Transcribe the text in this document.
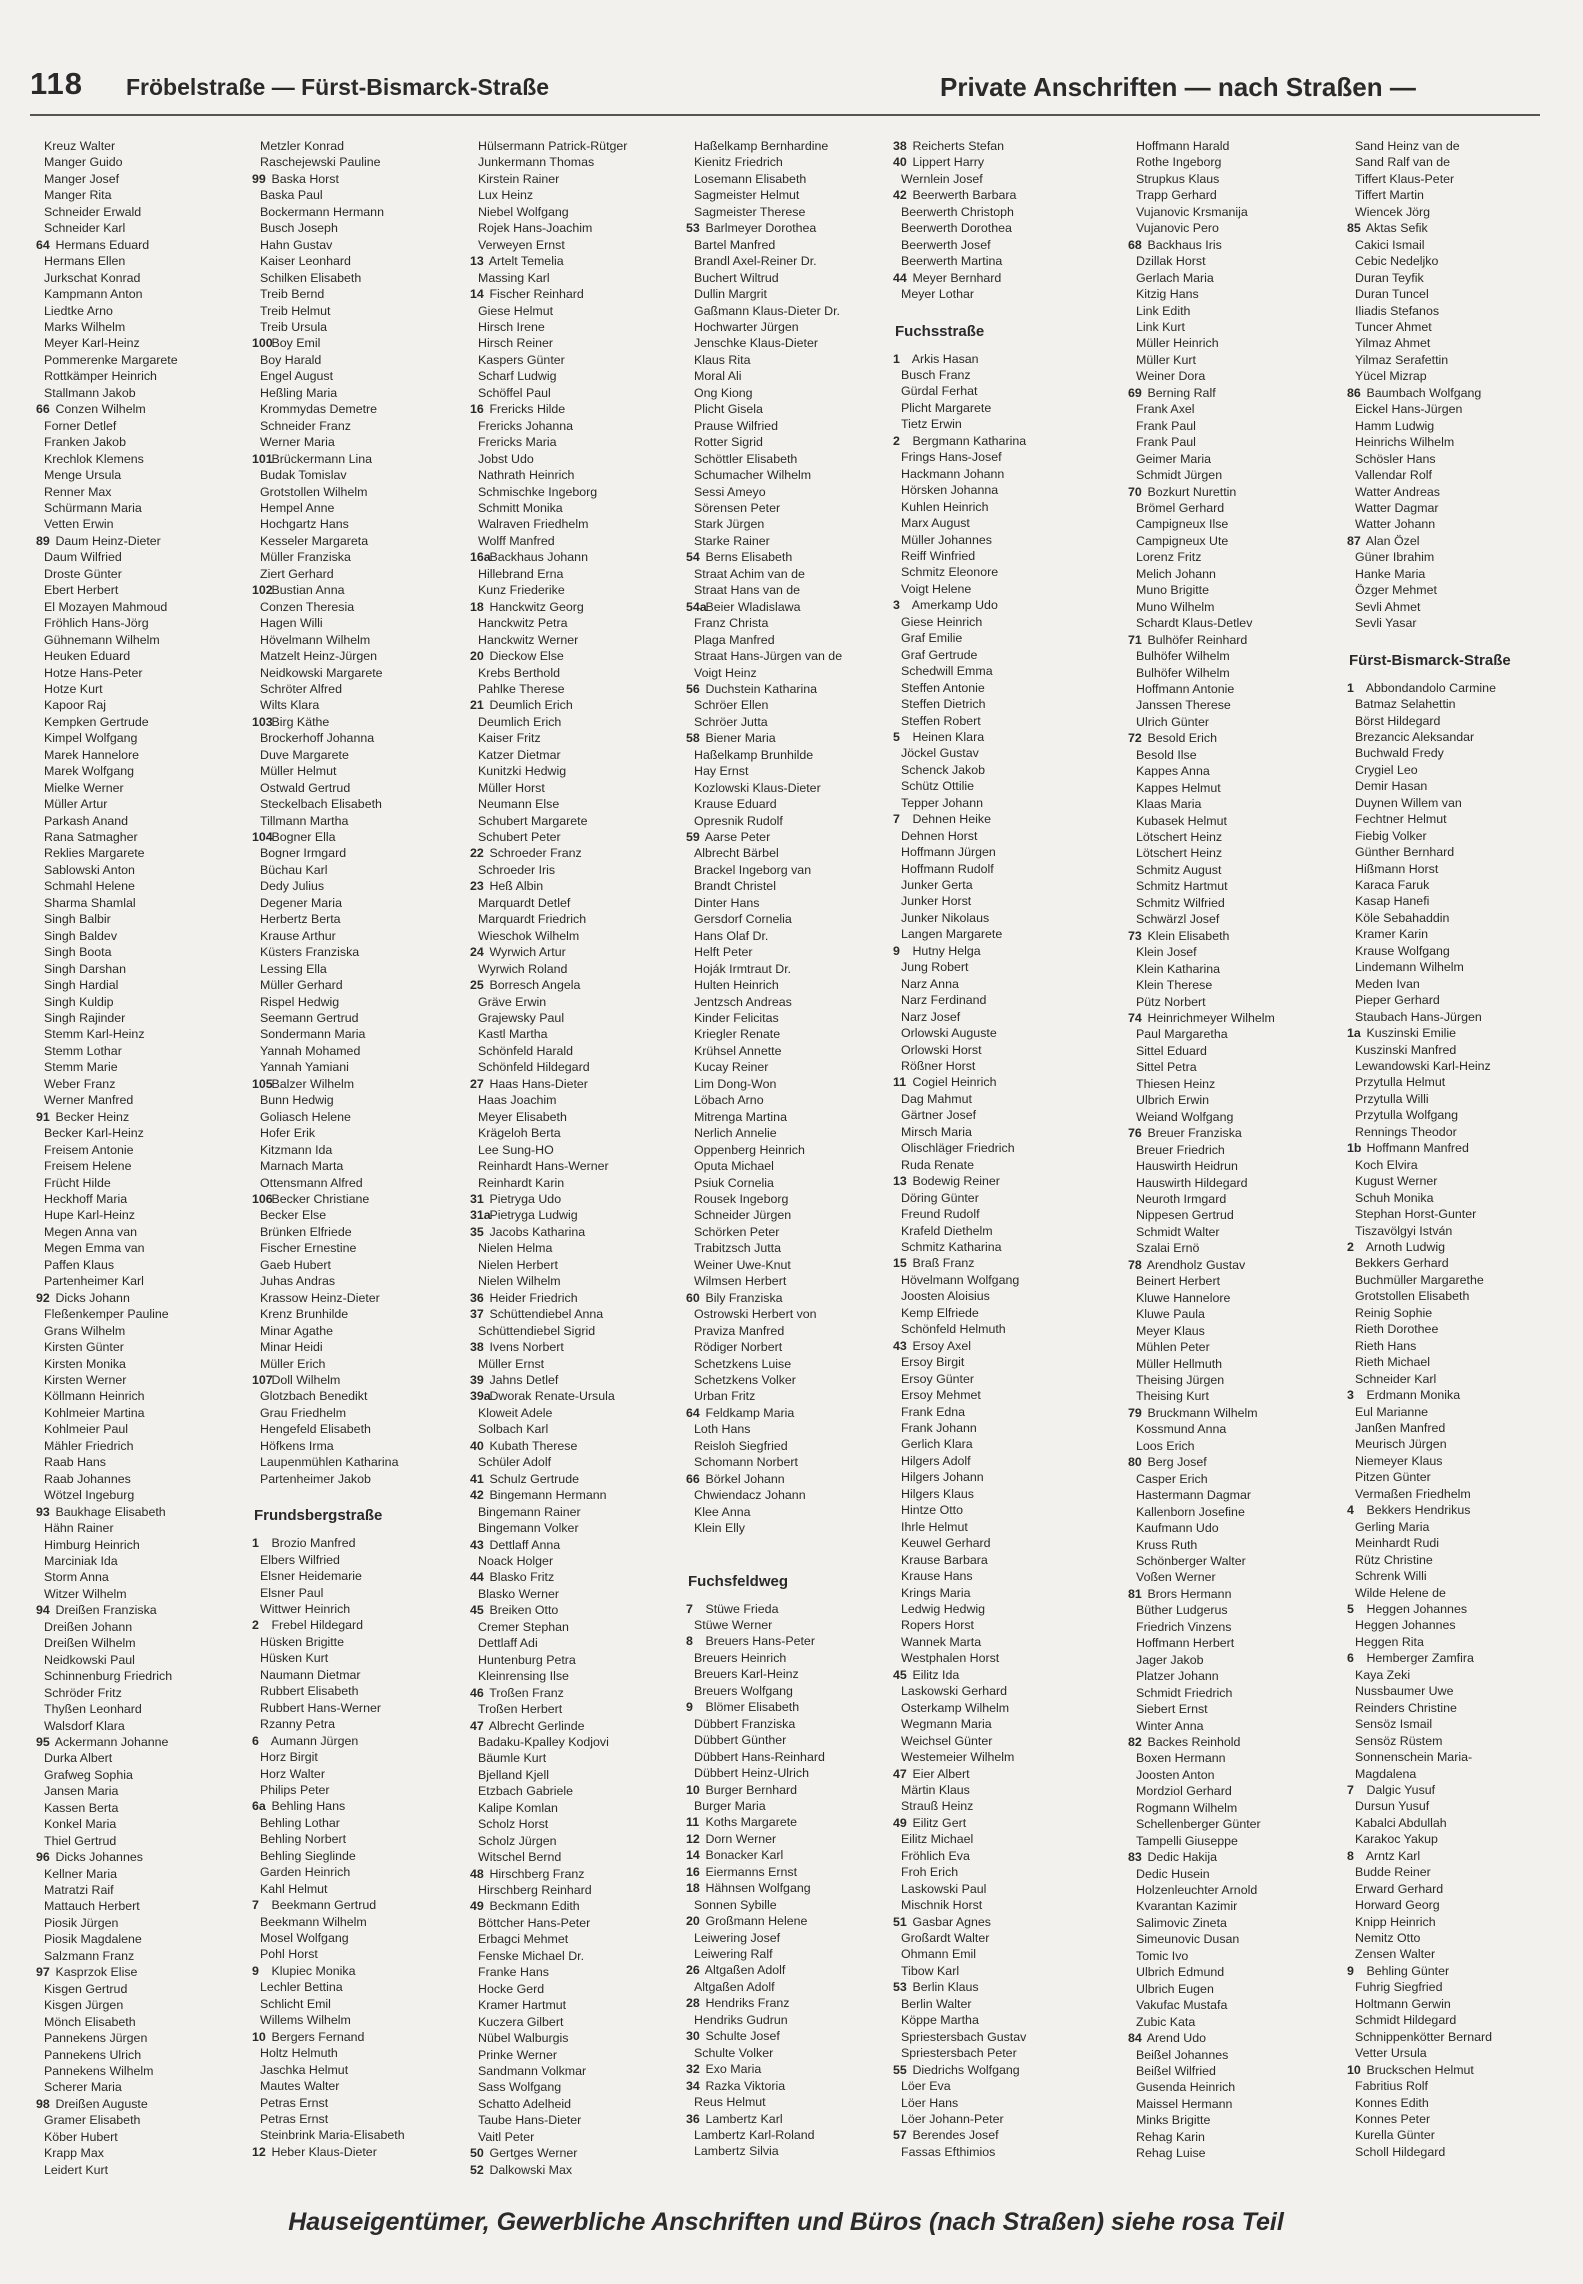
118 Fröbelstraße — Fürst-Bismarck-Straße	Private Anschriften — nach Straßen —
Kreuz Walter
Manger Guido
Manger Josef
Manger Rita
Schneider Erwald
Schneider Karl
64 Hermans Eduard
Hermans Ellen
Jurkschat Konrad
Kampmann Anton
Liedtke Arno
Marks Wilhelm
Meyer Karl-Heinz
Pommerenke Margarete
Rottkämper Heinrich
Stallmann Jakob
66 Conzen Wilhelm
Forner Detlef
Franken Jakob
Krechlok Klemens
Menge Ursula
Renner Max
Schürmann Maria
Vetten Erwin
89 Daum Heinz-Dieter
Daum Wilfried
Droste Günter
Ebert Herbert
El Mozayen Mahmoud
Fröhlich Hans-Jörg
Gühnemann Wilhelm
Heuken Eduard
Hotze Hans-Peter
Hotze Kurt
Kapoor Raj
Kempken Gertrude
Kimpel Wolfgang
Marek Hannelore
Marek Wolfgang
Mielke Werner
Müller Artur
Parkash Anand
Rana Satmagher
Reklies Margarete
Sablowski Anton
Schmahl Helene
Sharma Shamlal
Singh Balbir
Singh Baldev
Singh Boota
Singh Darshan
Singh Hardial
Singh Kuldip
Singh Rajinder
Stemm Karl-Heinz
Stemm Lothar
Stemm Marie
Weber Franz
Werner Manfred
91 Becker Heinz
Becker Karl-Heinz
Freisem Antonie
Freisem Helene
Frücht Hilde
Heckhoff Maria
Hupe Karl-Heinz
Megen Anna van
Megen Emma van
Paffen Klaus
Partenheimer Karl
92 Dicks Johann
Fleßenkemper Pauline
Grans Wilhelm
Kirsten Günter
Kirsten Monika
Kirsten Werner
Köllmann Heinrich
Kohlmeier Martina
Kohlmeier Paul
Mähler Friedrich
Raab Hans
Raab Johannes
Wötzel Ingeburg
93 Baukhage Elisabeth
Hähn Rainer
Himburg Heinrich
Marciniak Ida
Storm Anna
Witzer Wilhelm
94 Dreißen Franziska
Dreißen Johann
Dreißen Wilhelm
Neidkowski Paul
Schinnenburg Friedrich
Schröder Fritz
Thyßen Leonhard
Walsdorf Klara
95 Ackermann Johanne
Durka Albert
Grafweg Sophia
Jansen Maria
Kassen Berta
Konkel Maria
Thiel Gertrud
96 Dicks Johannes
Kellner Maria
Matratzi Raif
Mattauch Herbert
Piosik Jürgen
Piosik Magdalene
Salzmann Franz
97 Kasprzok Elise
Kisgen Gertrud
Kisgen Jürgen
Mönch Elisabeth
Pannekens Jürgen
Pannekens Ulrich
Pannekens Wilhelm
Scherer Maria
98 Dreißen Auguste
Gramer Elisabeth
Köber Hubert
Krapp Max
Leidert Kurt
Metzler Konrad
Raschejewski Pauline
99 Baska Horst
Baska Paul
Bockermann Hermann
Busch Joseph
Hahn Gustav
Kaiser Leonhard
Schilken Elisabeth
Treib Bernd
Treib Helmut
Treib Ursula
100 Boy Emil
Boy Harald
Engel August
Heßling Maria
Krommydas Demetre
Schneider Franz
Werner Maria
101 Brückermann Lina
Budak Tomislav
Grotstollen Wilhelm
Hempel Anne
Hochgartz Hans
Kesseler Margareta
Müller Franziska
Ziert Gerhard
102 Bustian Anna
Conzen Theresia
Hagen Willi
Hövelmann Wilhelm
Matzelt Heinz-Jürgen
Neidkowski Margarete
Schröter Alfred
Wilts Klara
103 Birg Käthe
Brockerhoff Johanna
Duve Margarete
Müller Helmut
Ostwald Gertrud
Steckelbach Elisabeth
Tillmann Martha
104 Bogner Ella
Bogner Irmgard
Büchau Karl
Dedy Julius
Degener Maria
Herbertz Berta
Krause Arthur
Küsters Franziska
Lessing Ella
Müller Gerhard
Rispel Hedwig
Seemann Gertrud
Sondermann Maria
Yannah Mohamed
Yannah Yamiani
105 Balzer Wilhelm
Bunn Hedwig
Goliasch Helene
Hofer Erik
Kitzmann Ida
Marnach Marta
Ottensmann Alfred
106 Becker Christiane
Becker Else
Brünken Elfriede
Fischer Ernestine
Gaeb Hubert
Juhas Andras
Krassow Heinz-Dieter
Krenz Brunhilde
Minar Agathe
Minar Heidi
Müller Erich
107 Doll Wilhelm
Glotzbach Benedikt
Grau Friedhelm
Hengefeld Elisabeth
Höfkens Irma
Laupenmühlen Katharina
Partenheimer Jakob
Frundsbergstraße
1 Brozio Manfred
Elbers Wilfried
Elsner Heidemarie
Elsner Paul
Wittwer Heinrich
2 Frebel Hildegard
Hüsken Brigitte
Hüsken Kurt
Naumann Dietmar
Rubbert Elisabeth
Rubbert Hans-Werner
Rzanny Petra
6 Aumann Jürgen
Horz Birgit
Horz Walter
Philips Peter
6a Behling Hans
Behling Lothar
Behling Norbert
Behling Sieglinde
Garden Heinrich
Kahl Helmut
7 Beekmann Gertrud
Beekmann Wilhelm
Mosel Wolfgang
Pohl Horst
9 Klupiec Monika
Lechler Bettina
Schlicht Emil
Willems Wilhelm
10 Bergers Fernand
Holtz Helmuth
Jaschka Helmut
Mautes Walter
Petras Ernst
Petras Ernst
Steinbrink Maria-Elisabeth
12 Heber Klaus-Dieter
Hülsermann Patrick-Rütger
Junkermann Thomas
Kirstein Rainer
Lux Heinz
Niebel Wolfgang
Rojek Hans-Joachim
Verweyen Ernst
13 Artelt Temelia
Massing Karl
14 Fischer Reinhard
Giese Helmut
Hirsch Irene
Hirsch Reiner
Kaspers Günter
Scharf Ludwig
Schöffel Paul
16 Frericks Hilde
Frericks Johanna
Frericks Maria
Jobst Udo
Nathrath Heinrich
Schmischke Ingeborg
Schmitt Monika
Walraven Friedhelm
Wolff Manfred
16a Backhaus Johann
Hillebrand Erna
Kunz Friederike
18 Hanckwitz Georg
Hanckwitz Petra
Hanckwitz Werner
20 Dieckow Else
Krebs Berthold
Pahlke Therese
21 Deumlich Erich
Deumlich Erich
Kaiser Fritz
Katzer Dietmar
Kunitzki Hedwig
Müller Horst
Neumann Else
Schubert Margarete
Schubert Peter
22 Schroeder Franz
Schroeder Iris
23 Heß Albin
Marquardt Detlef
Marquardt Friedrich
Wieschok Wilhelm
24 Wyrwich Artur
Wyrwich Roland
25 Borresch Angela
Gräve Erwin
Grajewsky Paul
Kastl Martha
Schönfeld Harald
Schönfeld Hildegard
27 Haas Hans-Dieter
Haas Joachim
Meyer Elisabeth
Krägeloh Berta
Lee Sung-HO
Reinhardt Hans-Werner
Reinhardt Karin
31 Pietryga Udo
31a Pietryga Ludwig
35 Jacobs Katharina
Nielen Helma
Nielen Herbert
Nielen Wilhelm
36 Heider Friedrich
37 Schüttendiebel Anna
Schüttendiebel Sigrid
38 Ivens Norbert
Müller Ernst
39 Jahns Detlef
39a Dworak Renate-Ursula
Kloweit Adele
Solbach Karl
40 Kubath Therese
Schüler Adolf
41 Schulz Gertrude
42 Bingemann Hermann
Bingemann Rainer
Bingemann Volker
43 Dettlaff Anna
Noack Holger
44 Blasko Fritz
Blasko Werner
45 Breiken Otto
Cremer Stephan
Dettlaff Adi
Huntenburg Petra
Kleinrensing Ilse
46 Troßen Franz
Troßen Herbert
47 Albrecht Gerlinde
Badaku-Kpalley Kodjovi
Bäumle Kurt
Bjelland Kjell
Etzbach Gabriele
Kalipe Komlan
Scholz Horst
Scholz Jürgen
Witschel Bernd
48 Hirschberg Franz
Hirschberg Reinhard
49 Beckmann Edith
Böttcher Hans-Peter
Erbagci Mehmet
Fenske Michael Dr.
Franke Hans
Hocke Gerd
Kramer Hartmut
Kuczera Gilbert
Nübel Walburgis
Prinke Werner
Sandmann Volkmar
Sass Wolfgang
Schatto Adelheid
Taube Hans-Dieter
Vaitl Peter
50 Gertges Werner
52 Dalkowski Max
Haßelkamp Bernhardine
Kienitz Friedrich
Losemann Elisabeth
Sagmeister Helmut
Sagmeister Therese
53 Barlmeyer Dorothea
Bartel Manfred
Brandl Axel-Reiner Dr.
Buchert Wiltrud
Dullin Margrit
Gaßmann Klaus-Dieter Dr.
Hochwarter Jürgen
Jenschke Klaus-Dieter
Klaus Rita
Moral Ali
Ong Kiong
Plicht Gisela
Prause Wilfried
Rotter Sigrid
Schöttler Elisabeth
Schumacher Wilhelm
Sessi Ameyo
Sörensen Peter
Stark Jürgen
Starke Rainer
54 Berns Elisabeth
Straat Achim van de
Straat Hans van de
54a Beier Wladislawa
Franz Christa
Plaga Manfred
Straat Hans-Jürgen van de
Voigt Heinz
56 Duchstein Katharina
Schröer Ellen
Schröer Jutta
58 Biener Maria
Haßelkamp Brunhilde
Hay Ernst
Kozlowski Klaus-Dieter
Krause Eduard
Opresnik Rudolf
59 Aarse Peter
Albrecht Bärbel
Brackel Ingeborg van
Brandt Christel
Dinter Hans
Gersdorf Cornelia
Hans Olaf Dr.
Helft Peter
Hoják Irmtraut Dr.
Hulten Heinrich
Jentzsch Andreas
Kinder Felicitas
Kriegler Renate
Krühsel Annette
Kucay Reiner
Lim Dong-Won
Löbach Arno
Mitrenga Martina
Nerlich Annelie
Oppenberg Heinrich
Oputa Michael
Psiuk Cornelia
Rousek Ingeborg
Schneider Jürgen
Schörken Peter
Trabitzsch Jutta
Weiner Uwe-Knut
Wilmsen Herbert
60 Bily Franziska
Ostrowski Herbert von
Praviza Manfred
Rödiger Norbert
Schetzkens Luise
Schetzkens Volker
Urban Fritz
64 Feldkamp Maria
Loth Hans
Reisloh Siegfried
Schomann Norbert
66 Börkel Johann
Chwiendacz Johann
Klee Anna
Klein Elly
Fuchsfeldweg
7 Stüwe Frieda
Stüwe Werner
8 Breuers Hans-Peter
Breuers Heinrich
Breuers Karl-Heinz
Breuers Wolfgang
9 Blömer Elisabeth
Dübbert Franziska
Dübbert Günther
Dübbert Hans-Reinhard
Dübbert Heinz-Ulrich
10 Burger Bernhard
Burger Maria
11 Koths Margarete
12 Dorn Werner
14 Bonacker Karl
16 Eiermanns Ernst
18 Hähnsen Wolfgang
Sonnen Sybille
20 Großmann Helene
Leiwering Josef
Leiwering Ralf
26 Altgaßen Adolf
Altgaßen Adolf
28 Hendriks Franz
Hendriks Gudrun
30 Schulte Josef
Schulte Volker
32 Exo Maria
34 Razka Viktoria
Reus Helmut
36 Lambertz Karl
Lambertz Karl-Roland
Lambertz Silvia
38 Reicherts Stefan
40 Lippert Harry
Wernlein Josef
42 Beerwerth Barbara
Beerwerth Christoph
Beerwerth Dorothea
Beerwerth Josef
Beerwerth Martina
44 Meyer Bernhard
Meyer Lothar
Fuchsstraße
1 Arkis Hasan
Busch Franz
Gürdal Ferhat
Plicht Margarete
Tietz Erwin
2 Bergmann Katharina
Frings Hans-Josef
Hackmann Johann
Hörsken Johanna
Kuhlen Heinrich
Marx August
Müller Johannes
Reiff Winfried
Schmitz Eleonore
Voigt Helene
3 Amerkamp Udo
Giese Heinrich
Graf Emilie
Graf Gertrude
Schedwill Emma
Steffen Antonie
Steffen Dietrich
Steffen Robert
5 Heinen Klara
Jöckel Gustav
Schenck Jakob
Schütz Ottilie
Tepper Johann
7 Dehnen Heike
Dehnen Horst
Hoffmann Jürgen
Hoffmann Rudolf
Junker Gerta
Junker Horst
Junker Nikolaus
Langen Margarete
9 Hutny Helga
Jung Robert
Narz Anna
Narz Ferdinand
Narz Josef
Orlowski Auguste
Orlowski Horst
Rößner Horst
11 Cogiel Heinrich
Dag Mahmut
Gärtner Josef
Mirsch Maria
Olischläger Friedrich
Ruda Renate
13 Bodewig Reiner
Döring Günter
Freund Rudolf
Krafeld Diethelm
Schmitz Katharina
15 Braß Franz
Hövelmann Wolfgang
Joosten Aloisius
Kemp Elfriede
Schönfeld Helmuth
43 Ersoy Axel
Ersoy Birgit
Ersoy Günter
Ersoy Mehmet
Frank Edna
Frank Johann
Gerlich Klara
Hilgers Adolf
Hilgers Johann
Hilgers Klaus
Hintze Otto
Ihrle Helmut
Keuwel Gerhard
Krause Barbara
Krause Hans
Krings Maria
Ledwig Hedwig
Ropers Horst
Wannek Marta
Westphalen Horst
45 Eilitz Ida
Laskowski Gerhard
Osterkamp Wilhelm
Wegmann Maria
Weichsel Günter
Westemeier Wilhelm
47 Eier Albert
Märtin Klaus
Strauß Heinz
49 Eilitz Gert
Eilitz Michael
Fröhlich Eva
Froh Erich
Laskowski Paul
Mischnik Horst
51 Gasbar Agnes
Großardt Walter
Ohmann Emil
Tibow Karl
53 Berlin Klaus
Berlin Walter
Köppe Martha
Spriestersbach Gustav
Spriestersbach Peter
55 Diedrichs Wolfgang
Löer Eva
Löer Hans
Löer Johann-Peter
57 Berendes Josef
Fassas Efthimios
Hoffmann Harald
Rothe Ingeborg
Strupkus Klaus
Trapp Gerhard
Vujanovic Krsmanija
Vujanovic Pero
68 Backhaus Iris
Dzillak Horst
Gerlach Maria
Kitzig Hans
Link Edith
Link Kurt
Müller Heinrich
Müller Kurt
Weiner Dora
69 Berning Ralf
Frank Axel
Frank Paul
Frank Paul
Geimer Maria
Schmidt Jürgen
70 Bozkurt Nurettin
Brömel Gerhard
Campigneux Ilse
Campigneux Ute
Lorenz Fritz
Melich Johann
Muno Brigitte
Muno Wilhelm
Schardt Klaus-Detlev
71 Bulhöfer Reinhard
Bulhöfer Wilhelm
Bulhöfer Wilhelm
Hoffmann Antonie
Janssen Therese
Ulrich Günter
72 Besold Erich
Besold Ilse
Kappes Anna
Kappes Helmut
Klaas Maria
Kubasek Helmut
Lötschert Heinz
Lötschert Heinz
Schmitz August
Schmitz Hartmut
Schmitz Wilfried
Schwärzl Josef
73 Klein Elisabeth
Klein Josef
Klein Katharina
Klein Therese
Pütz Norbert
74 Heinrichmeyer Wilhelm
Paul Margaretha
Sittel Eduard
Sittel Petra
Thiesen Heinz
Ulbrich Erwin
Weiand Wolfgang
76 Breuer Franziska
Breuer Friedrich
Hauswirth Heidrun
Hauswirth Hildegard
Neuroth Irmgard
Nippesen Gertrud
Schmidt Walter
Szalai Ernö
78 Arendholz Gustav
Beinert Herbert
Kluwe Hannelore
Kluwe Paula
Meyer Klaus
Mühlen Peter
Müller Hellmuth
Theising Jürgen
Theising Kurt
79 Bruckmann Wilhelm
Kossmund Anna
Loos Erich
80 Berg Josef
Casper Erich
Hastermann Dagmar
Kallenborn Josefine
Kaufmann Udo
Kruss Ruth
Schönberger Walter
Voßen Werner
81 Brors Hermann
Büther Ludgerus
Friedrich Vinzens
Hoffmann Herbert
Jager Jakob
Platzer Johann
Schmidt Friedrich
Siebert Ernst
Winter Anna
82 Backes Reinhold
Boxen Hermann
Joosten Anton
Mordziol Gerhard
Rogmann Wilhelm
Schellenberger Günter
Tampelli Giuseppe
83 Dedic Hakija
Dedic Husein
Holzenleuchter Arnold
Kvarantan Kazimir
Salimovic Zineta
Simeunovic Dusan
Tomic Ivo
Ulbrich Edmund
Ulbrich Eugen
Vakufac Mustafa
Zubic Kata
84 Arend Udo
Beißel Johannes
Beißel Wilfried
Gusenda Heinrich
Maissel Hermann
Minks Brigitte
Rehag Karin
Rehag Luise
Sand Heinz van de
Sand Ralf van de
Tiffert Klaus-Peter
Tiffert Martin
Wiencek Jörg
85 Aktas Sefik
Cakici Ismail
Cebic Nedeljko
Duran Teyfik
Duran Tuncel
Iliadis Stefanos
Tuncer Ahmet
Yilmaz Ahmet
Yilmaz Serafettin
Yücel Mizrap
86 Baumbach Wolfgang
Eickel Hans-Jürgen
Hamm Ludwig
Heinrichs Wilhelm
Schösler Hans
Vallendar Rolf
Watter Andreas
Watter Dagmar
Watter Johann
87 Alan Özel
Güner Ibrahim
Hanke Maria
Özger Mehmet
Sevli Ahmet
Sevli Yasar
Fürst-Bismarck-Straße
1 Abbondandolo Carmine
Batmaz Selahettin
Börst Hildegard
Brezancic Aleksandar
Buchwald Fredy
Crygiel Leo
Demir Hasan
Duynen Willem van
Fechtner Helmut
Fiebig Volker
Günther Bernhard
Hißmann Horst
Karaca Faruk
Kasap Hanefi
Köle Sebahaddin
Kramer Karin
Krause Wolfgang
Lindemann Wilhelm
Meden Ivan
Pieper Gerhard
Staubach Hans-Jürgen
1a Kuszinski Emilie
Kuszinski Manfred
Lewandowski Karl-Heinz
Przytulla Helmut
Przytulla Willi
Przytulla Wolfgang
Rennings Theodor
1b Hoffmann Manfred
Koch Elvira
Kugust Werner
Schuh Monika
Stephan Horst-Gunter
Tiszavölgyi István
2 Arnoth Ludwig
Bekkers Gerhard
Buchmüller Margarethe
Grotstollen Elisabeth
Reinig Sophie
Rieth Dorothee
Rieth Hans
Rieth Michael
Schneider Karl
3 Erdmann Monika
Eul Marianne
Janßen Manfred
Meurisch Jürgen
Niemeyer Klaus
Pitzen Günter
Vermaßen Friedhelm
4 Bekkers Hendrikus
Gerling Maria
Meinhardt Rudi
Rütz Christine
Schrenk Willi
Wilde Helene de
5 Heggen Johannes
Heggen Johannes
Heggen Rita
6 Hemberger Zamfira
Kaya Zeki
Nussbaumer Uwe
Reinders Christine
Sensöz Ismail
Sensöz Rüstem
Sonnenschein Maria-
Magdalena
7 Dalgic Yusuf
Dursun Yusuf
Kabalci Abdullah
Karakoc Yakup
8 Arntz Karl
Budde Reiner
Erward Gerhard
Horward Georg
Knipp Heinrich
Nemitz Otto
Zensen Walter
9 Behling Günter
Fuhrig Siegfried
Holtmann Gerwin
Schmidt Hildegard
Schnippenkötter Bernard
Vetter Ursula
10 Bruckschen Helmut
Fabritius Rolf
Konnes Edith
Konnes Peter
Kurella Günter
Scholl Hildegard
Hauseigentümer, Gewerbliche Anschriften und Büros (nach Straßen) siehe rosa Teil
